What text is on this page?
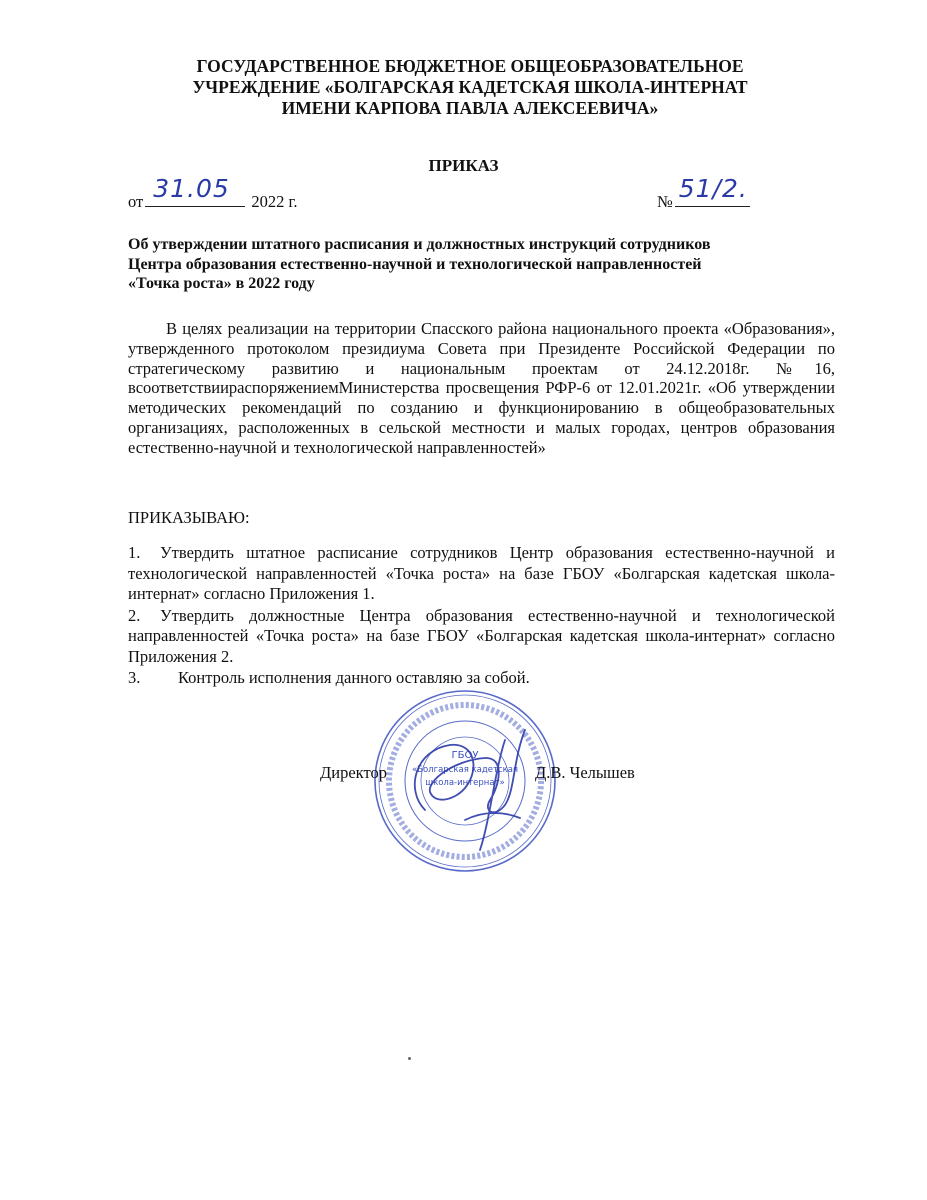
ГОСУДАРСТВЕННОЕ БЮДЖЕТНОЕ ОБЩЕОБРАЗОВАТЕЛЬНОЕ
УЧРЕЖДЕНИЕ «БОЛГАРСКАЯ КАДЕТСКАЯ ШКОЛА-ИНТЕРНАТ
ИМЕНИ КАРПОВА ПАВЛА АЛЕКСЕЕВИЧА»
ПРИКАЗ
от 31.05 2022 г.	№ 51/2.
Об утверждении штатного расписания и должностных инструкций сотрудников
Центра образования естественно-научной и технологической направленностей
«Точка роста» в 2022 году
В целях реализации на территории Спасского района национального проекта «Образования», утвержденного протоколом президиума Совета при Президенте Российской Федерации по стратегическому развитию и национальным проектам от 24.12.2018г. №16, всоответствиираспоряжениемМинистерства просвещения РФР-6 от 12.01.2021г. «Об утверждении методических рекомендаций по созданию и функционированию в общеобразовательных организациях, расположенных в сельской местности и малых городах, центров образования естественно-научной и технологической направленностей»
ПРИКАЗЫВАЮ:
1. Утвердить штатное расписание сотрудников Центр образования естественно-научной и технологической направленностей «Точка роста» на базе ГБОУ «Болгарская кадетская школа-интернат» согласно Приложения 1.
2. Утвердить должностные Центра образования естественно-научной и технологической направленностей «Точка роста» на базе ГБОУ «Болгарская кадетская школа-интернат» согласно Приложения 2.
3. Контроль исполнения данного оставляю за собой.
ГБОУ
«Болгарская кадетская
школа-интернат»
Директор	Д.В. Челышев
